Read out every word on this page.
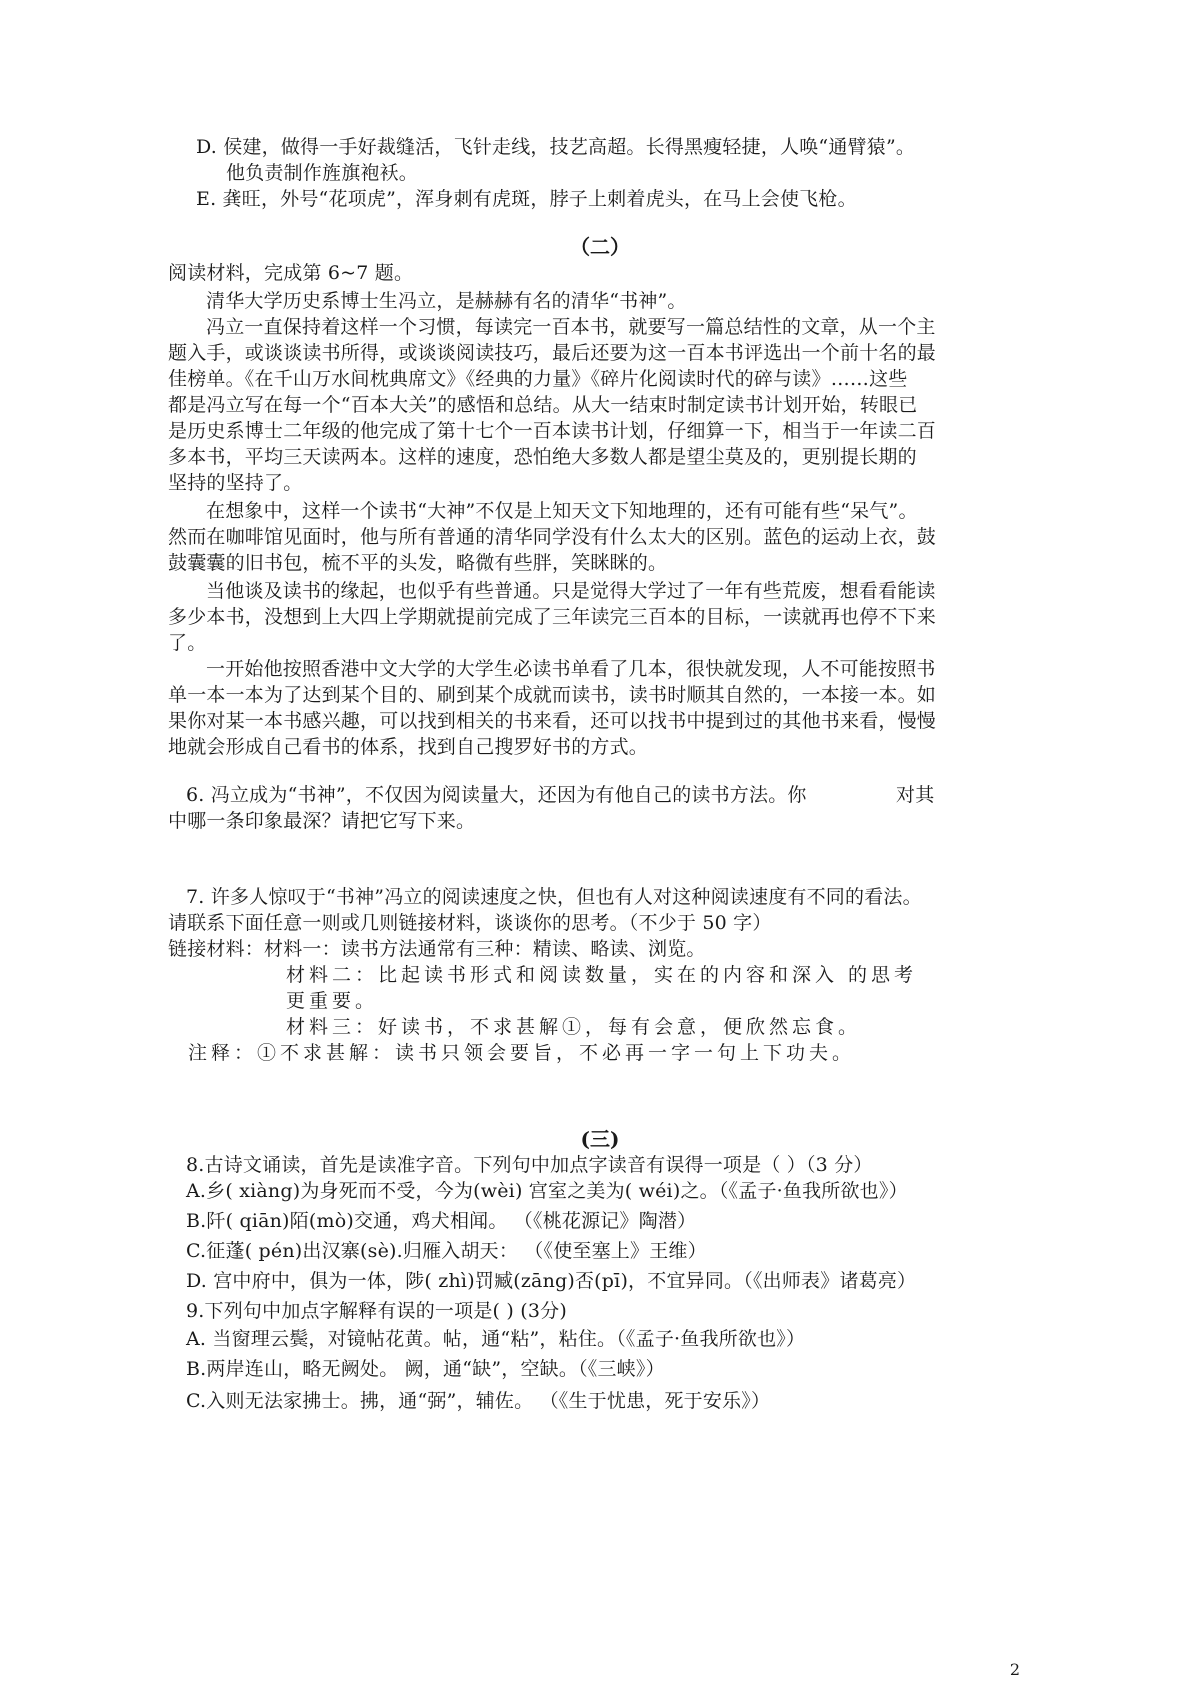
D. 侯建，做得一手好裁缝活，飞针走线，技艺高超。长得黑瘦轻捷，人唤“通臂猿”。
他负责制作旌旗袍袄。
E. 龚旺，外号“花项虎”，浑身刺有虎斑，脖子上刺着虎头，在马上会使飞枪。
（二）
阅读材料，完成第 6~7 题。
清华大学历史系博士生冯立，是赫赫有名的清华“书神”。
冯立一直保持着这样一个习惯，每读完一百本书，就要写一篇总结性的文章，从一个主
题入手，或谈谈读书所得，或谈谈阅读技巧，最后还要为这一百本书评选出一个前十名的最
佳榜单。《在千山万水间枕典席文》《经典的力量》《碎片化阅读时代的碎与读》……这些
都是冯立写在每一个“百本大关”的感悟和总结。从大一结束时制定读书计划开始，转眼已
是历史系博士二年级的他完成了第十七个一百本读书计划，仔细算一下，相当于一年读二百
多本书，平均三天读两本。这样的速度，恐怕绝大多数人都是望尘莫及的，更别提长期的
坚持的坚持了。
在想象中，这样一个读书“大神”不仅是上知天文下知地理的，还有可能有些“呆气”。
然而在咖啡馆见面时，他与所有普通的清华同学没有什么太大的区别。蓝色的运动上衣，鼓
鼓囊囊的旧书包，梳不平的头发，略微有些胖，笑眯眯的。
当他谈及读书的缘起，也似乎有些普通。只是觉得大学过了一年有些荒废，想看看能读
多少本书，没想到上大四上学期就提前完成了三年读完三百本的目标，一读就再也停不下来
了。
一开始他按照香港中文大学的大学生必读书单看了几本，很快就发现，人不可能按照书
单一本一本为了达到某个目的、刷到某个成就而读书，读书时顺其自然的，一本接一本。如
果你对某一本书感兴趣，可以找到相关的书来看，还可以找书中提到过的其他书来看，慢慢
地就会形成自己看书的体系，找到自己搜罗好书的方式。
6. 冯立成为“书神”，不仅因为阅读量大，还因为有他自己的读书方法。你	对其
中哪一条印象最深？请把它写下来。
7. 许多人惊叹于“书神”冯立的阅读速度之快，但也有人对这种阅读速度有不同的看法。
请联系下面任意一则或几则链接材料，谈谈你的思考。（不少于 50 字）
链接材料：材料一：读书方法通常有三种：精读、略读、浏览。
材料二：比起读书形式和阅读数量，实在的内容和深入 的思考
更重要。
材料三：好读书，不求甚解①，每有会意，便欣然忘食。
注释：①不求甚解：读书只领会要旨，不必再一字一句上下功夫。
(三)
8.古诗文诵读，首先是读准字音。下列句中加点字读音有误得一项是（ ）（3 分）
A.乡( xiàng)为身死而不受，今为(wèi) 宫室之美为( wéi)之。（《孟子·鱼我所欲也》）
B.阡( qiān)陌(mò)交通，鸡犬相闻。 （《桃花源记》陶潜）
C.征蓬( pén)出汉寨(sè).归雁入胡天： （《使至塞上》王维）
D. 宫中府中，俱为一体，陟( zhì)罚臧(zāng)否(pī)，不宜异同。（《出师表》诸葛亮）
9.下列句中加点字解释有误的一项是( ) (3分)
A. 当窗理云鬓，对镜帖花黄。帖，通“粘”，粘住。（《孟子·鱼我所欲也》）
B.两岸连山，略无阙处。 阙，通“缺”，空缺。（《三峡》）
C.入则无法家拂士。拂，通“弼”，辅佐。 （《生于忧患，死于安乐》）
2
